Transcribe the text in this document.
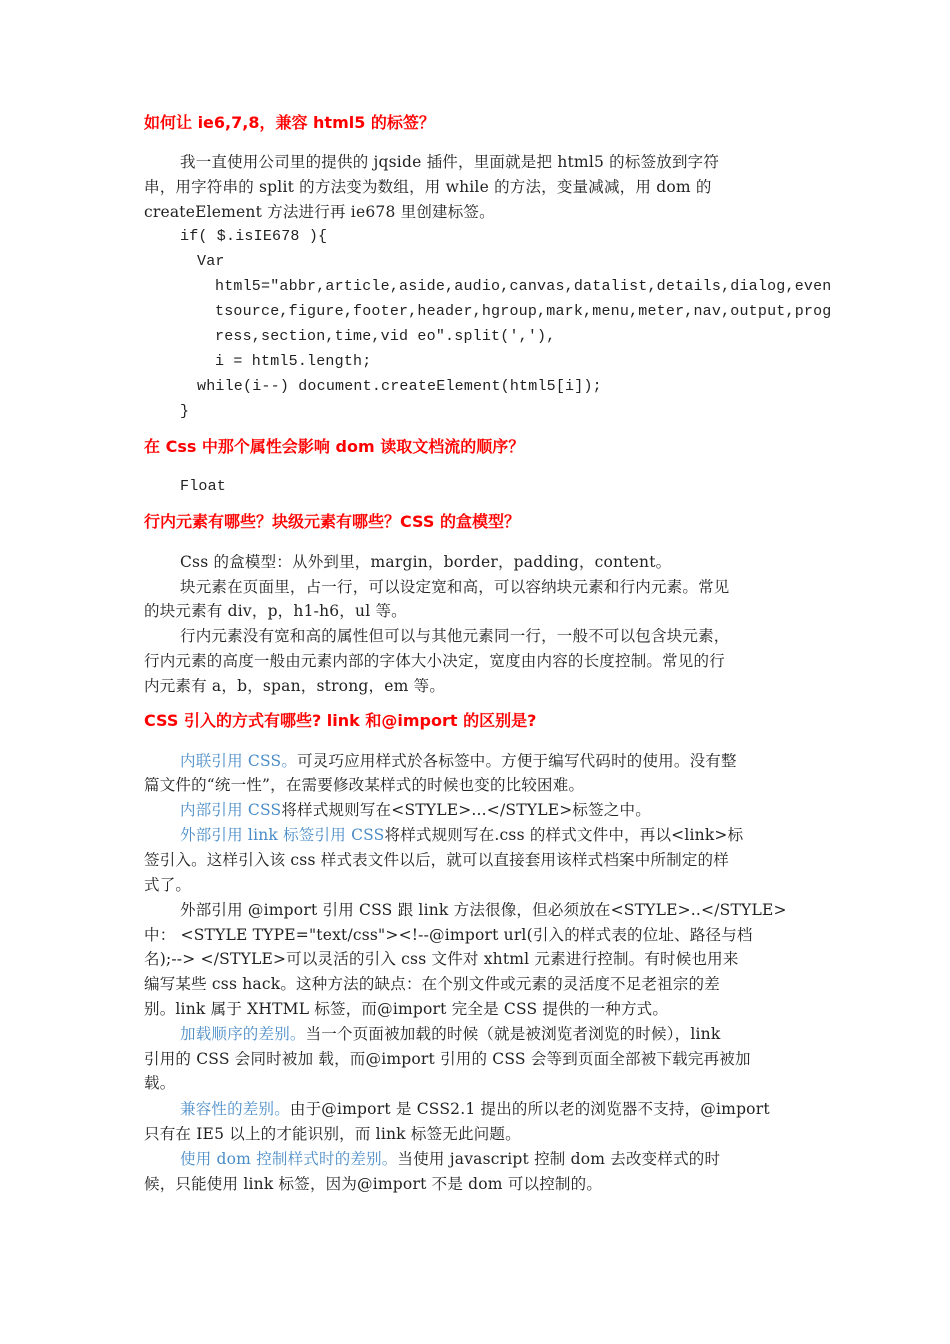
如何让 ie6,7,8，兼容 html5 的标签？
我一直使用公司里的提供的 jqside 插件，里面就是把 html5 的标签放到字符
串，用字符串的 split 的方法变为数组，用 while 的方法，变量减减，用 dom 的
createElement 方法进行再 ie678 里创建标签。
if( $.isIE678 ){
Var
html5="abbr,article,aside,audio,canvas,datalist,details,dialog,even
tsource,figure,footer,header,hgroup,mark,menu,meter,nav,output,prog
ress,section,time,vid eo".split(','),
i = html5.length;
while(i--) document.createElement(html5[i]);
}
在 Css 中那个属性会影响 dom 读取文档流的顺序？
Float
行内元素有哪些？块级元素有哪些？CSS 的盒模型？
Css 的盒模型：从外到里，margin，border，padding，content。
块元素在页面里，占一行，可以设定宽和高，可以容纳块元素和行内元素。常见
的块元素有 div，p，h1-h6，ul 等。
行内元素没有宽和高的属性但可以与其他元素同一行，一般不可以包含块元素，
行内元素的高度一般由元素内部的字体大小决定，宽度由内容的长度控制。常见的行
内元素有 a，b，span，strong，em 等。
CSS 引入的方式有哪些? link 和@import 的区别是?
内联引用 CSS。可灵巧应用样式於各标签中。方便于编写代码时的使用。没有整
篇文件的“统一性”，在需要修改某样式的时候也变的比较困难。
内部引用 CSS将样式规则写在<STYLE>...</STYLE>标签之中。
外部引用 link 标签引用 CSS将样式规则写在.css 的样式文件中，再以<link>标
签引入。这样引入该 css 样式表文件以后，就可以直接套用该样式档案中所制定的样
式了。
外部引用 @import 引用 CSS 跟 link 方法很像，但必须放在<STYLE>..</STYLE>
中： <STYLE TYPE="text/css"><!--@import url(引入的样式表的位址、路径与档
名);--> </STYLE>可以灵活的引入 css 文件对 xhtml 元素进行控制。有时候也用来
编写某些 css hack。这种方法的缺点：在个别文件或元素的灵活度不足老祖宗的差
别。link 属于 XHTML 标签，而@import 完全是 CSS 提供的一种方式。
加载顺序的差别。当一个页面被加载的时候（就是被浏览者浏览的时候），link
引用的 CSS 会同时被加 载，而@import 引用的 CSS 会等到页面全部被下载完再被加
载。
兼容性的差别。由于@import 是 CSS2.1 提出的所以老的浏览器不支持，@import
只有在 IE5 以上的才能识别，而 link 标签无此问题。
使用 dom 控制样式时的差别。当使用 javascript 控制 dom 去改变样式的时
候，只能使用 link 标签，因为@import 不是 dom 可以控制的。
